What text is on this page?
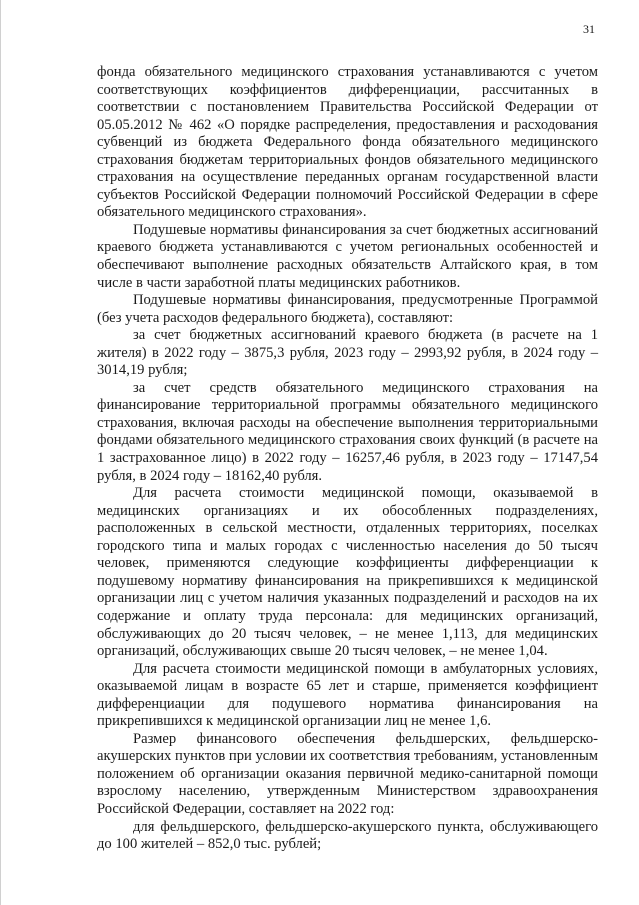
31

фонда обязательного медицинского страхования устанавливаются с учетом соответствующих коэффициентов дифференциации, рассчитанных в соответствии с постановлением Правительства Российской Федерации от 05.05.2012 № 462 «О порядке распределения, предоставления и расходования субвенций из бюджета Федерального фонда обязательного медицинского страхования бюджетам территориальных фондов обязательного медицинского страхования на осуществление переданных органам государственной власти субъектов Российской Федерации полномочий Российской Федерации в сфере обязательного медицинского страхования».

Подушевые нормативы финансирования за счет бюджетных ассигнований краевого бюджета устанавливаются с учетом региональных особенностей и обеспечивают выполнение расходных обязательств Алтайского края, в том числе в части заработной платы медицинских работников.

Подушевые нормативы финансирования, предусмотренные Программой (без учета расходов федерального бюджета), составляют:

за счет бюджетных ассигнований краевого бюджета (в расчете на 1 жителя) в 2022 году – 3875,3 рубля, 2023 году – 2993,92 рубля, в 2024 году – 3014,19 рубля;

за счет средств обязательного медицинского страхования на финансирование территориальной программы обязательного медицинского страхования, включая расходы на обеспечение выполнения территориальными фондами обязательного медицинского страхования своих функций (в расчете на 1 застрахованное лицо) в 2022 году – 16257,46 рубля, в 2023 году – 17147,54 рубля, в 2024 году – 18162,40 рубля.

Для расчета стоимости медицинской помощи, оказываемой в медицинских организациях и их обособленных подразделениях, расположенных в сельской местности, отдаленных территориях, поселках городского типа и малых городах с численностью населения до 50 тысяч человек, применяются следующие коэффициенты дифференциации к подушевому нормативу финансирования на прикрепившихся к медицинской организации лиц с учетом наличия указанных подразделений и расходов на их содержание и оплату труда персонала: для медицинских организаций, обслуживающих до 20 тысяч человек, – не менее 1,113, для медицинских организаций, обслуживающих свыше 20 тысяч человек, – не менее 1,04.

Для расчета стоимости медицинской помощи в амбулаторных условиях, оказываемой лицам в возрасте 65 лет и старше, применяется коэффициент дифференциации для подушевого норматива финансирования на прикрепившихся к медицинской организации лиц не менее 1,6.

Размер финансового обеспечения фельдшерских, фельдшерско-акушерских пунктов при условии их соответствия требованиям, установленным положением об организации оказания первичной медико-санитарной помощи взрослому населению, утвержденным Министерством здравоохранения Российской Федерации, составляет на 2022 год:

для фельдшерского, фельдшерско-акушерского пункта, обслуживающего до 100 жителей – 852,0 тыс. рублей;
